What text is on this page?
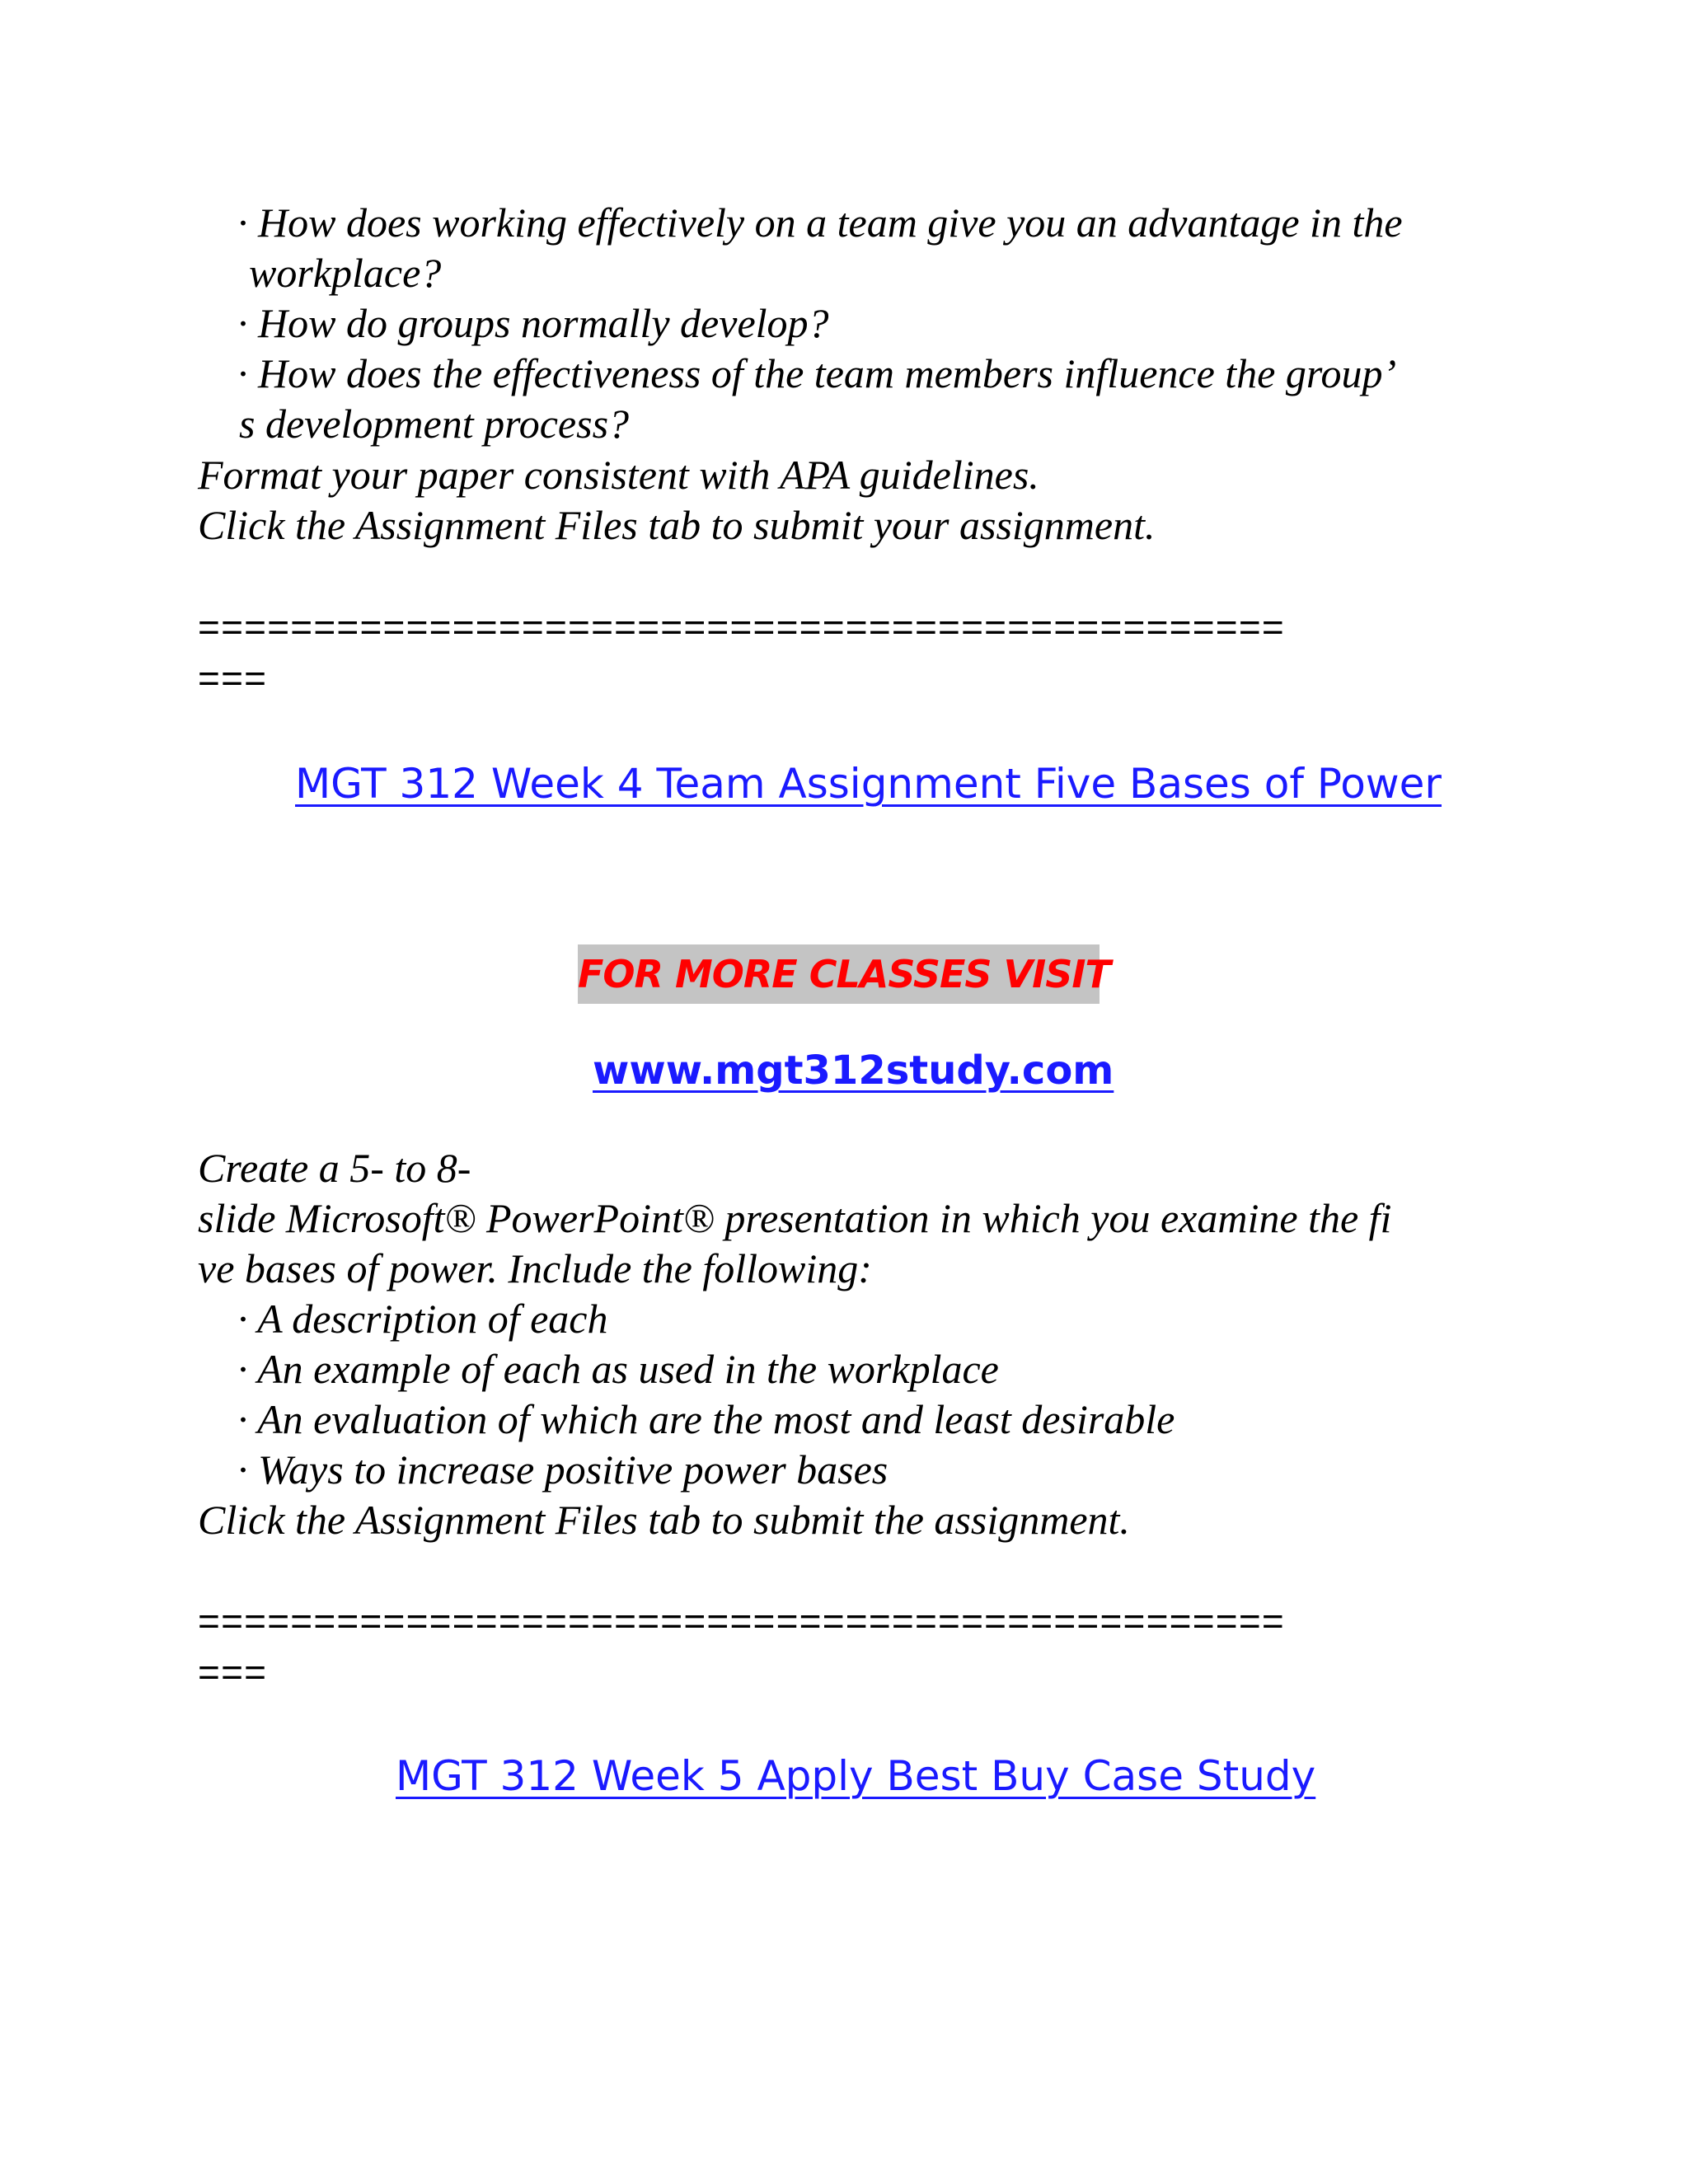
· How does working effectively on a team give you an advantage in the
workplace?
· How do groups normally develop?
· How does the effectiveness of the team members influence the group’
s development process?
Format your paper consistent with APA guidelines.
Click the Assignment Files tab to submit your assignment.
===============================================
===
MGT 312 Week 4 Team Assignment Five Bases of Power
FOR MORE CLASSES VISIT
www.mgt312study.com
Create a 5- to 8-
slide Microsoft® PowerPoint® presentation in which you examine the fi
ve bases of power. Include the following:
· A description of each
· An example of each as used in the workplace
· An evaluation of which are the most and least desirable
· Ways to increase positive power bases
Click the Assignment Files tab to submit the assignment.
===============================================
===
MGT 312 Week 5 Apply Best Buy Case Study
